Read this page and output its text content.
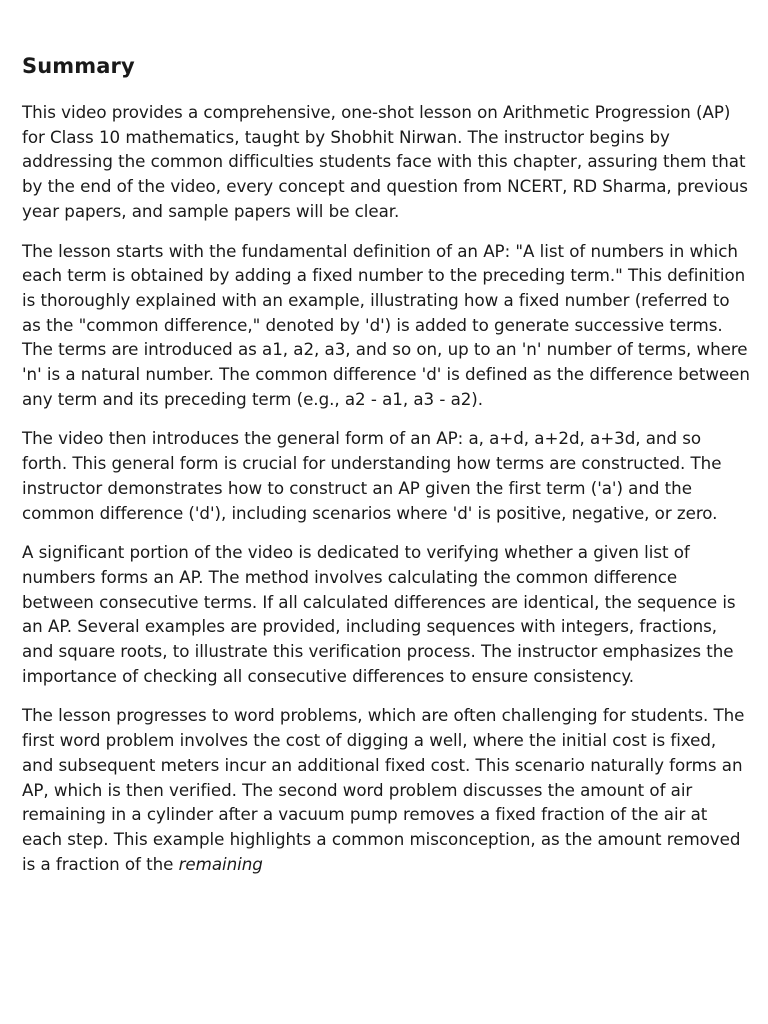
Summary

This video provides a comprehensive, one-shot lesson on Arithmetic Progression (AP) for Class 10 mathematics, taught by Shobhit Nirwan. The instructor begins by addressing the common difficulties students face with this chapter, assuring them that by the end of the video, every concept and question from NCERT, RD Sharma, previous year papers, and sample papers will be clear.

The lesson starts with the fundamental definition of an AP: "A list of numbers in which each term is obtained by adding a fixed number to the preceding term." This definition is thoroughly explained with an example, illustrating how a fixed number (referred to as the "common difference," denoted by 'd') is added to generate successive terms. The terms are introduced as a1, a2, a3, and so on, up to an 'n' number of terms, where 'n' is a natural number. The common difference 'd' is defined as the difference between any term and its preceding term (e.g., a2 - a1, a3 - a2).

The video then introduces the general form of an AP: a, a+d, a+2d, a+3d, and so forth. This general form is crucial for understanding how terms are constructed. The instructor demonstrates how to construct an AP given the first term ('a') and the common difference ('d'), including scenarios where 'd' is positive, negative, or zero.

A significant portion of the video is dedicated to verifying whether a given list of numbers forms an AP. The method involves calculating the common difference between consecutive terms. If all calculated differences are identical, the sequence is an AP. Several examples are provided, including sequences with integers, fractions, and square roots, to illustrate this verification process. The instructor emphasizes the importance of checking all consecutive differences to ensure consistency.

The lesson progresses to word problems, which are often challenging for students. The first word problem involves the cost of digging a well, where the initial cost is fixed, and subsequent meters incur an additional fixed cost. This scenario naturally forms an AP, which is then verified. The second word problem discusses the amount of air remaining in a cylinder after a vacuum pump removes a fixed fraction of the air at each step. This example highlights a common misconception, as the amount removed is a fraction of the remaining
